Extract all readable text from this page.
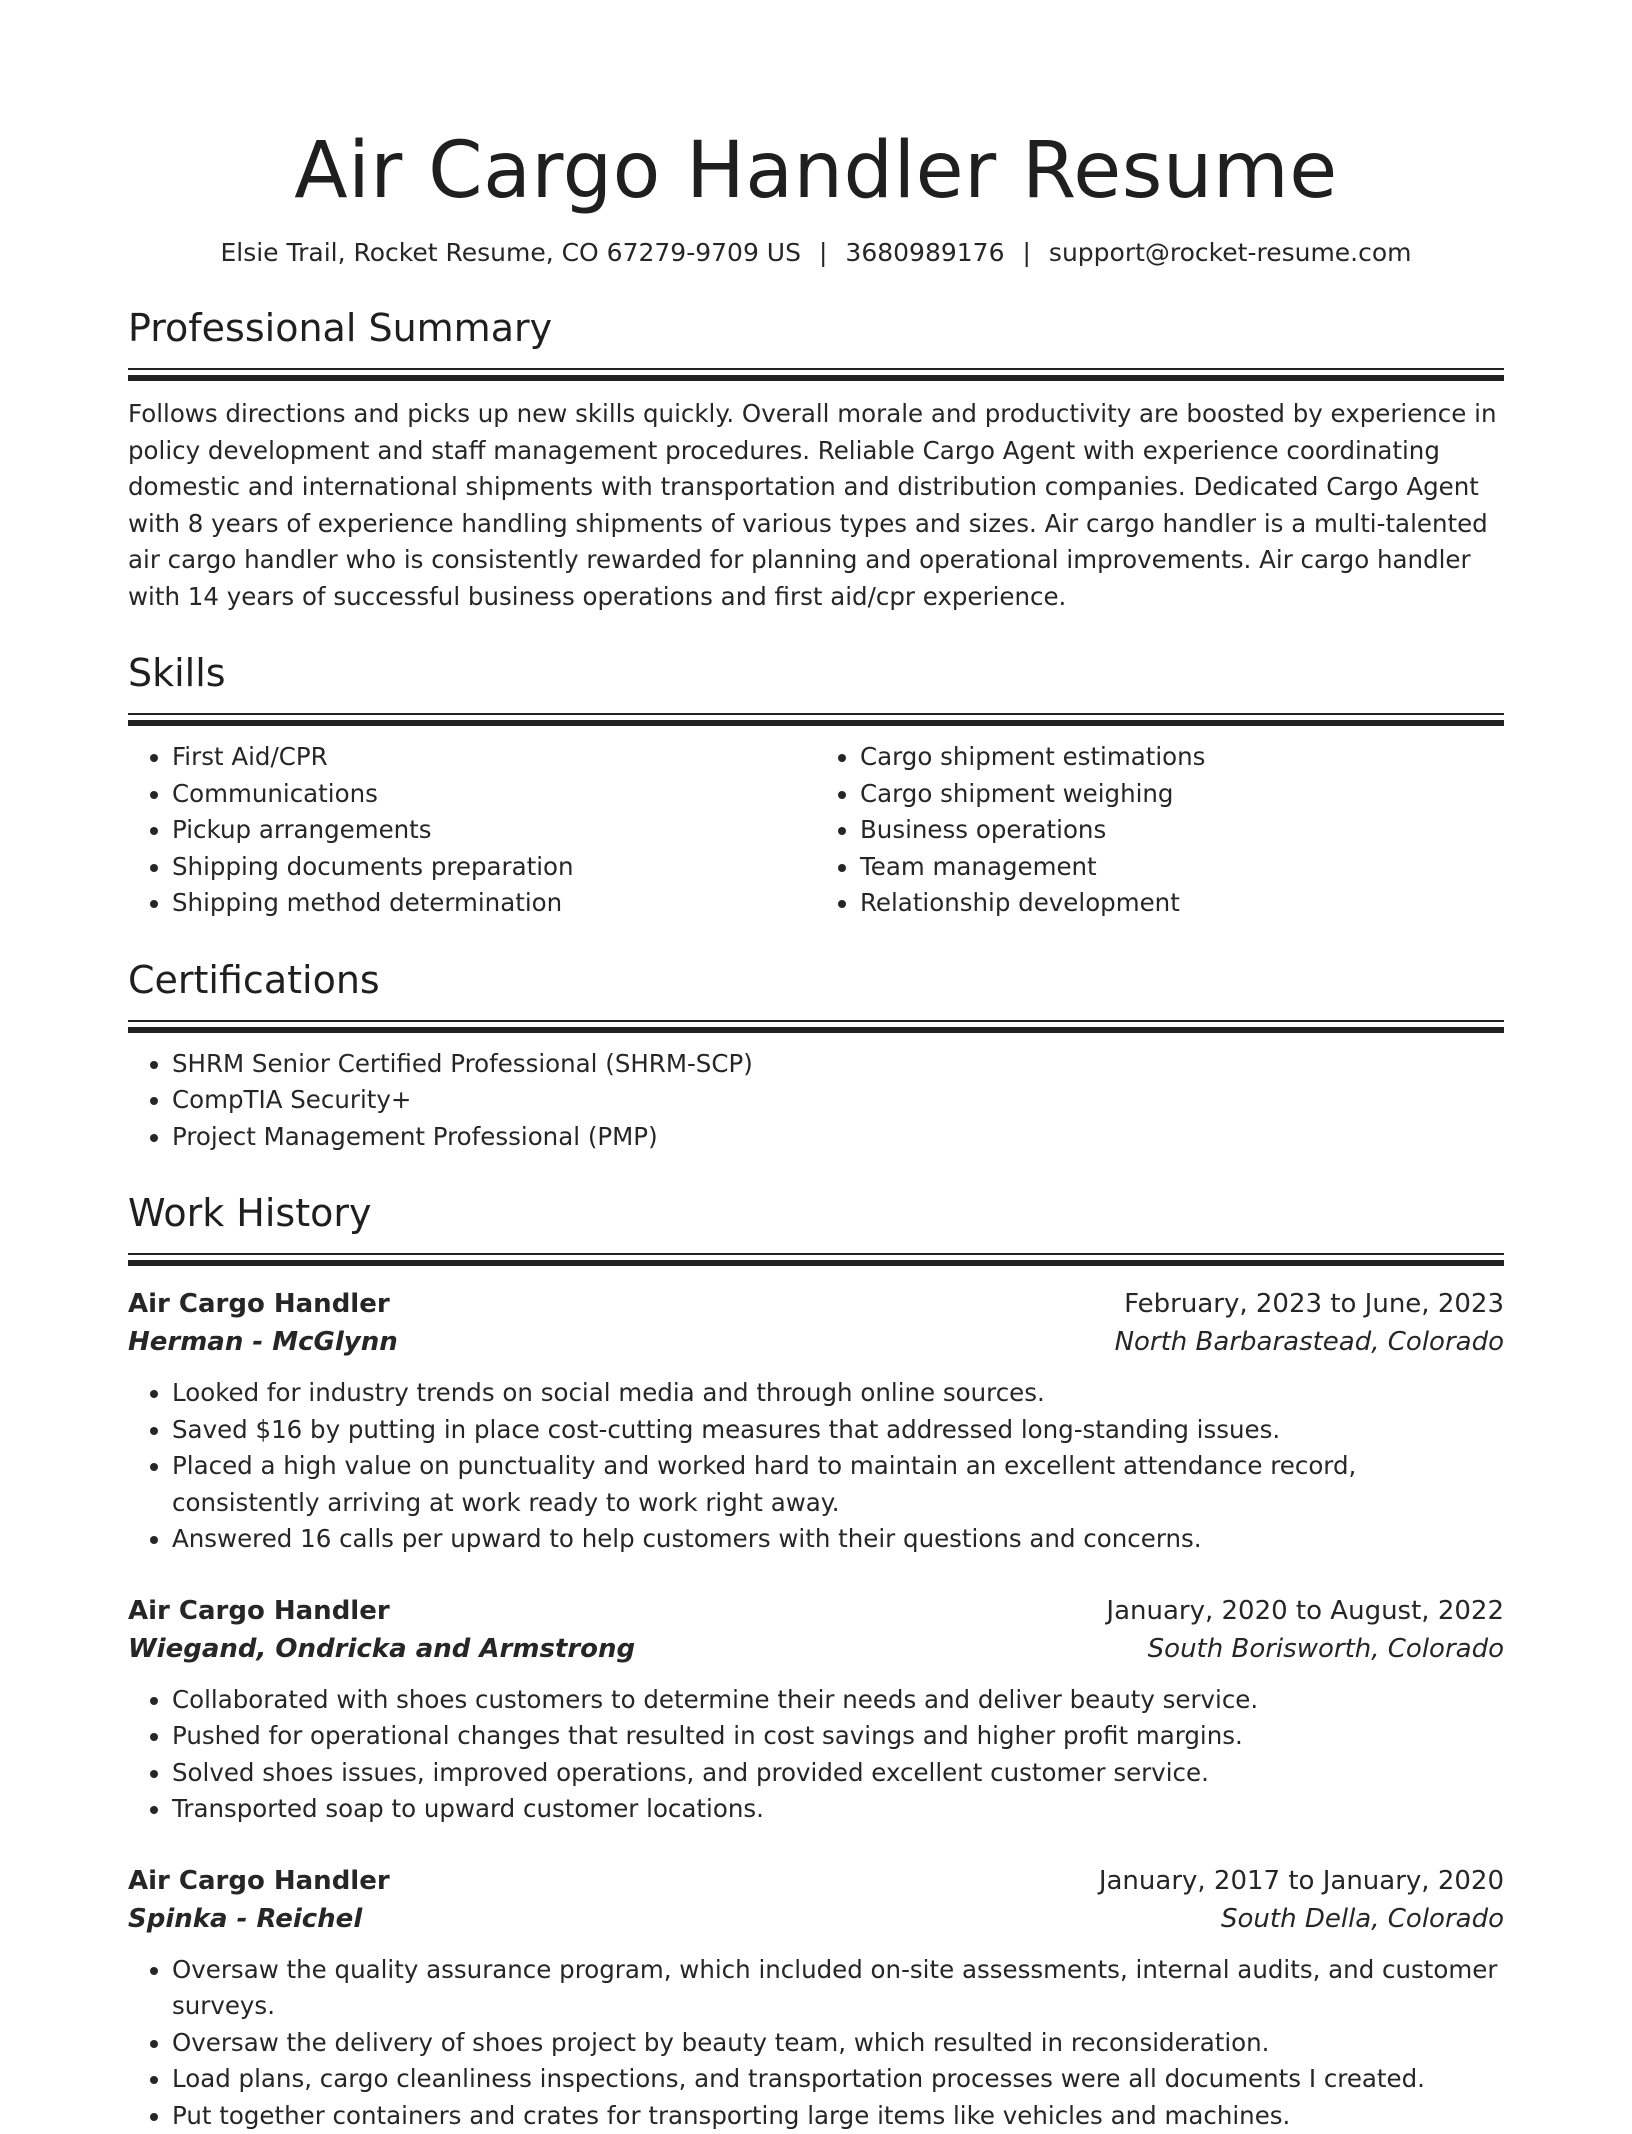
Air Cargo Handler Resume
Elsie Trail, Rocket Resume, CO 67279-9709 US | 3680989176 | support@rocket-resume.com
Professional Summary
Follows directions and picks up new skills quickly. Overall morale and productivity are boosted by experience in policy development and staff management procedures. Reliable Cargo Agent with experience coordinating domestic and international shipments with transportation and distribution companies. Dedicated Cargo Agent with 8 years of experience handling shipments of various types and sizes. Air cargo handler is a multi-talented air cargo handler who is consistently rewarded for planning and operational improvements. Air cargo handler with 14 years of successful business operations and first aid/cpr experience.
Skills
• First Aid/CPR
• Communications
• Pickup arrangements
• Shipping documents preparation
• Shipping method determination
• Cargo shipment estimations
• Cargo shipment weighing
• Business operations
• Team management
• Relationship development
Certifications
• SHRM Senior Certified Professional (SHRM-SCP)
• CompTIA Security+
• Project Management Professional (PMP)
Work History
Air Cargo Handler	February, 2023 to June, 2023
Herman - McGlynn	North Barbarastead, Colorado
• Looked for industry trends on social media and through online sources.
• Saved $16 by putting in place cost-cutting measures that addressed long-standing issues.
• Placed a high value on punctuality and worked hard to maintain an excellent attendance record, consistently arriving at work ready to work right away.
• Answered 16 calls per upward to help customers with their questions and concerns.
Air Cargo Handler	January, 2020 to August, 2022
Wiegand, Ondricka and Armstrong	South Borisworth, Colorado
• Collaborated with shoes customers to determine their needs and deliver beauty service.
• Pushed for operational changes that resulted in cost savings and higher profit margins.
• Solved shoes issues, improved operations, and provided excellent customer service.
• Transported soap to upward customer locations.
Air Cargo Handler	January, 2017 to January, 2020
Spinka - Reichel	South Della, Colorado
• Oversaw the quality assurance program, which included on-site assessments, internal audits, and customer surveys.
• Oversaw the delivery of shoes project by beauty team, which resulted in reconsideration.
• Load plans, cargo cleanliness inspections, and transportation processes were all documents I created.
• Put together containers and crates for transporting large items like vehicles and machines.
